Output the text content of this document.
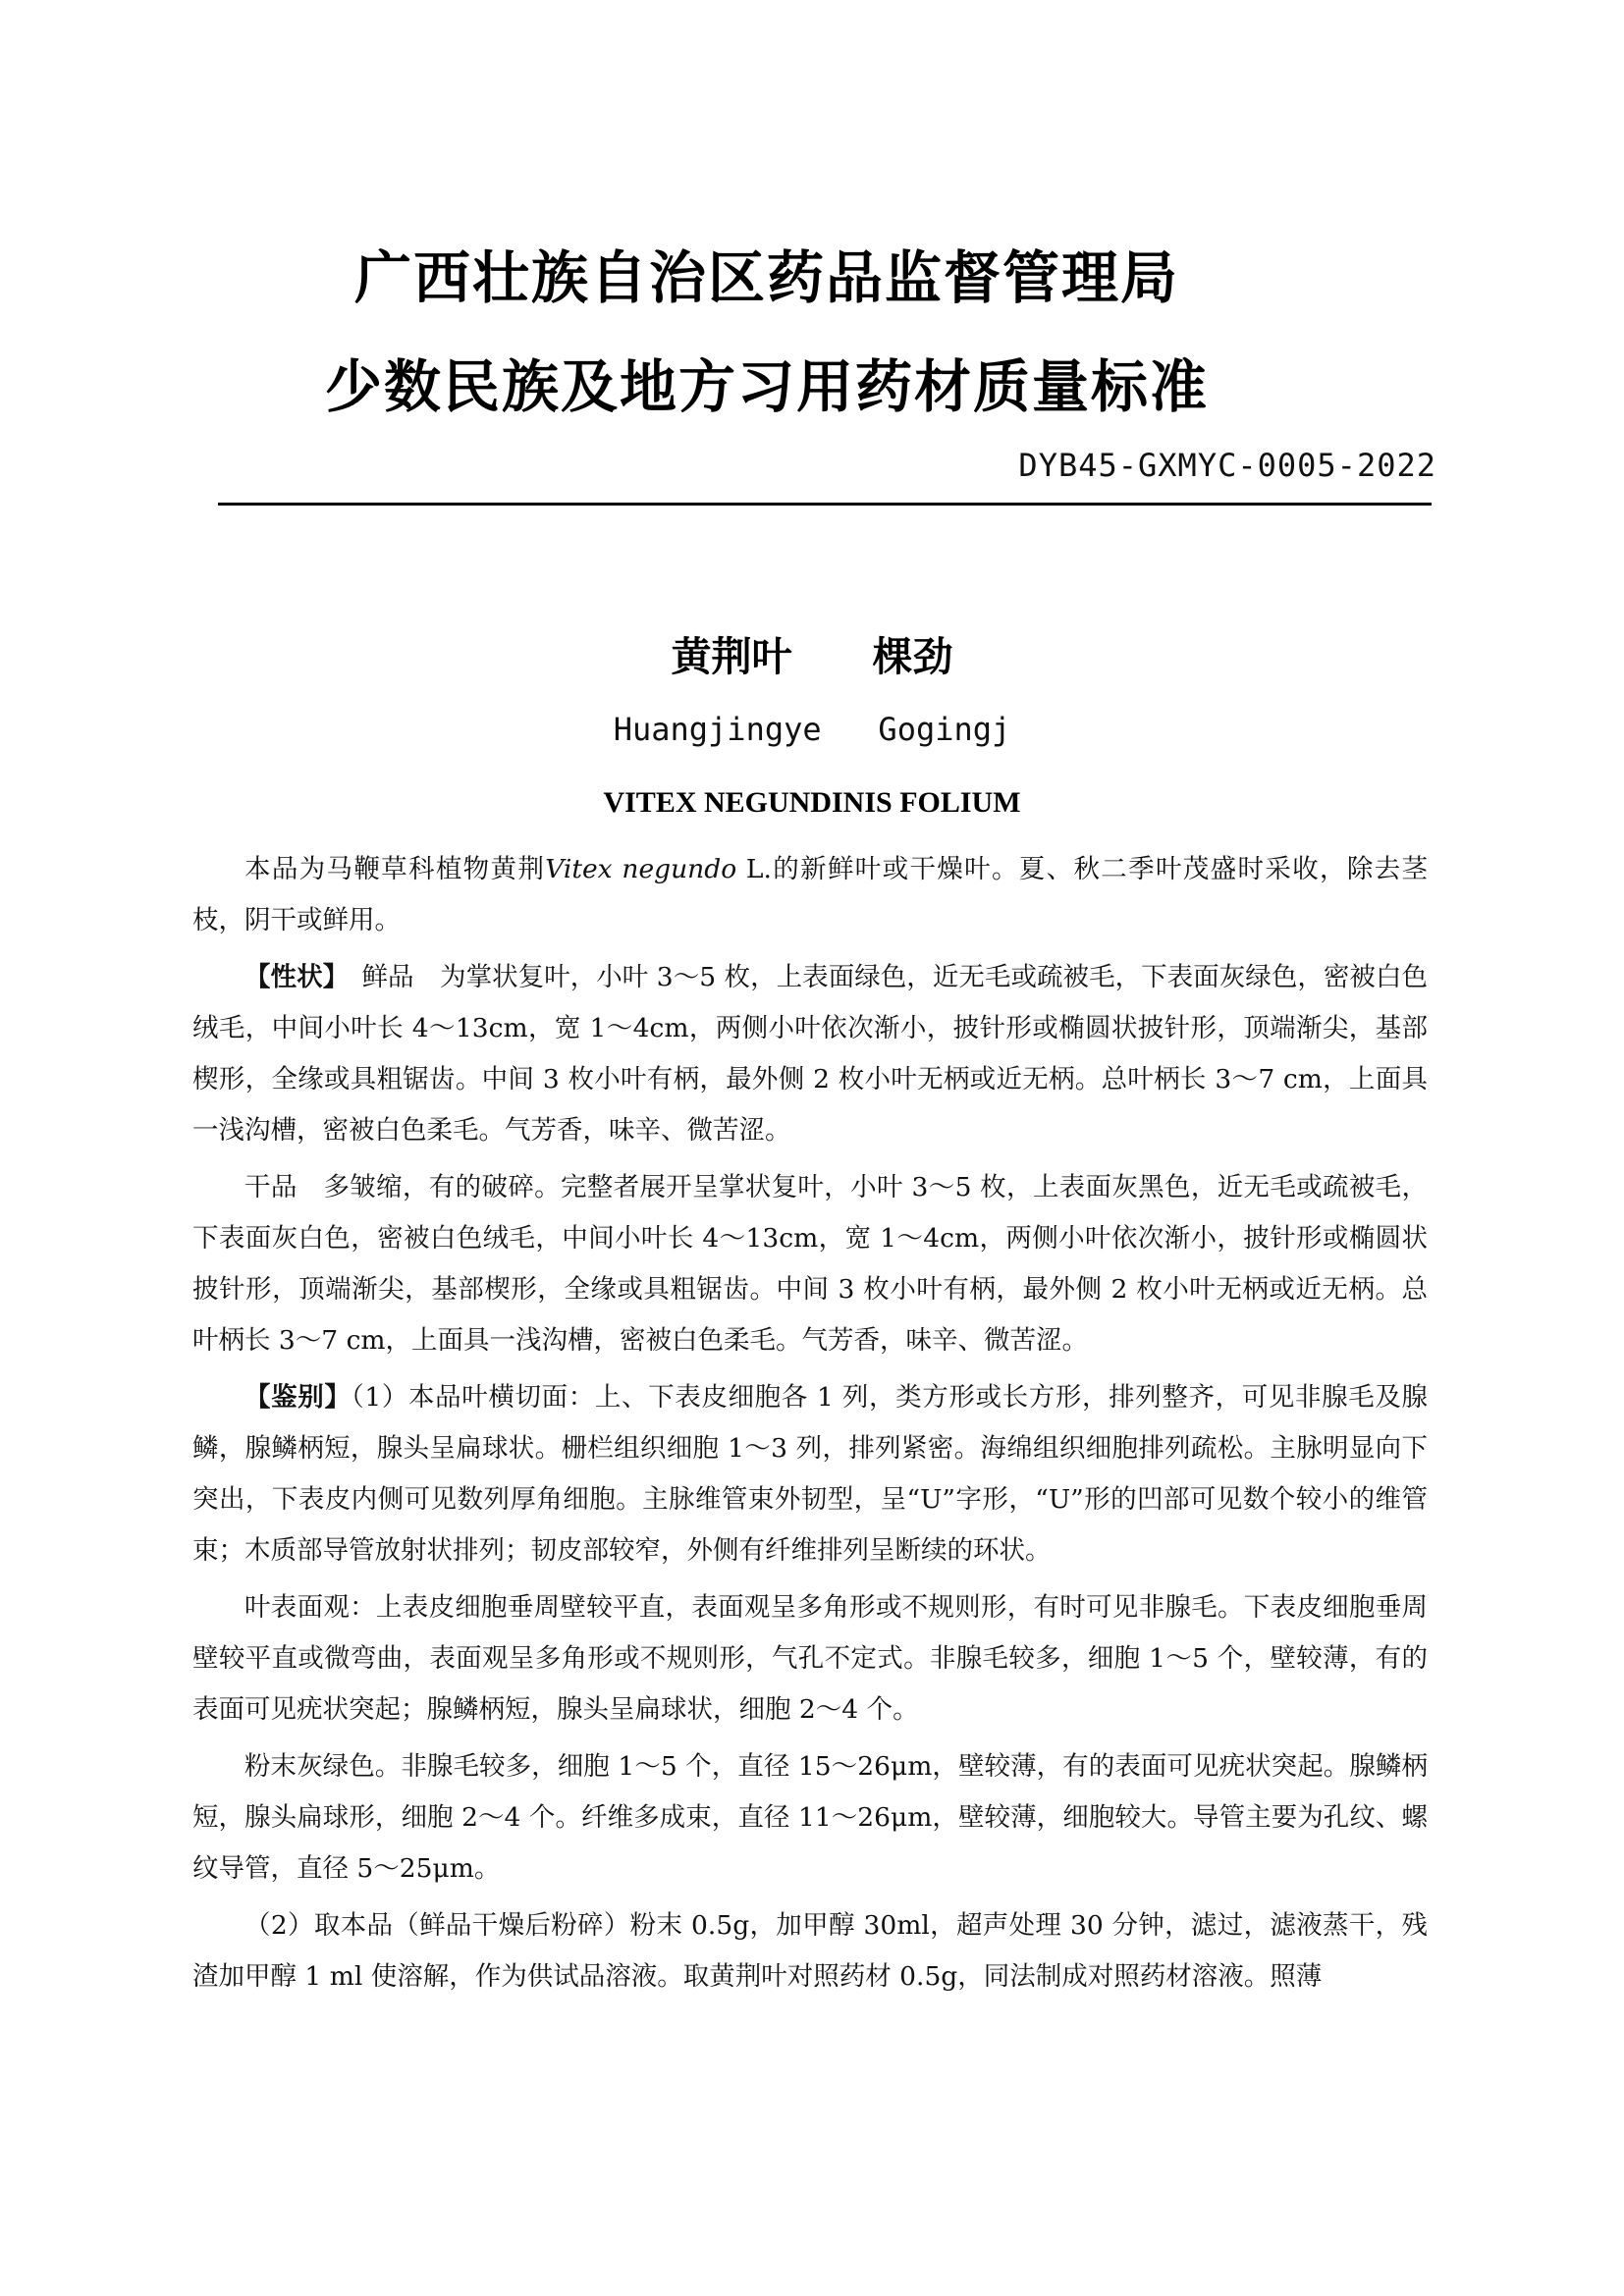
广西壮族自治区药品监督管理局
少数民族及地方习用药材质量标准
DYB45-GXMYC-0005-2022
黄荆叶　　棵劲
Huangjingye   Gogingj
VITEX NEGUNDINIS FOLIUM

本品为马鞭草科植物黄荆Vitex negundo L.的新鲜叶或干燥叶。夏、秋二季叶茂盛时采收，除去茎枝，阴干或鲜用。

【性状】　鲜品　为掌状复叶，小叶 3～5 枚，上表面绿色，近无毛或疏被毛，下表面灰绿色，密被白色绒毛，中间小叶长 4～13cm，宽 1～4cm，两侧小叶依次渐小，披针形或椭圆状披针形，顶端渐尖，基部楔形，全缘或具粗锯齿。中间 3 枚小叶有柄，最外侧 2 枚小叶无柄或近无柄。总叶柄长 3～7 cm，上面具一浅沟槽，密被白色柔毛。气芳香，味辛、微苦涩。

干品　多皱缩，有的破碎。完整者展开呈掌状复叶，小叶 3～5 枚，上表面灰黑色，近无毛或疏被毛，下表面灰白色，密被白色绒毛，中间小叶长 4～13cm，宽 1～4cm，两侧小叶依次渐小，披针形或椭圆状披针形，顶端渐尖，基部楔形，全缘或具粗锯齿。中间 3 枚小叶有柄，最外侧 2 枚小叶无柄或近无柄。总叶柄长 3～7 cm，上面具一浅沟槽，密被白色柔毛。气芳香，味辛、微苦涩。

【鉴别】（1）本品叶横切面：上、下表皮细胞各 1 列，类方形或长方形，排列整齐，可见非腺毛及腺鳞，腺鳞柄短，腺头呈扁球状。栅栏组织细胞 1～3 列，排列紧密。海绵组织细胞排列疏松。主脉明显向下突出，下表皮内侧可见数列厚角细胞。主脉维管束外韧型，呈“U”字形，“U”形的凹部可见数个较小的维管束；木质部导管放射状排列；韧皮部较窄，外侧有纤维排列呈断续的环状。

叶表面观：上表皮细胞垂周壁较平直，表面观呈多角形或不规则形，有时可见非腺毛。下表皮细胞垂周壁较平直或微弯曲，表面观呈多角形或不规则形，气孔不定式。非腺毛较多，细胞 1～5 个，壁较薄，有的表面可见疣状突起；腺鳞柄短，腺头呈扁球状，细胞 2～4 个。

粉末灰绿色。非腺毛较多，细胞 1～5 个，直径 15～26μm，壁较薄，有的表面可见疣状突起。腺鳞柄短，腺头扁球形，细胞 2～4 个。纤维多成束，直径 11～26μm，壁较薄，细胞较大。导管主要为孔纹、螺纹导管，直径 5～25μm。

（2）取本品（鲜品干燥后粉碎）粉末 0.5g，加甲醇 30ml，超声处理 30 分钟，滤过，滤液蒸干，残渣加甲醇 1 ml 使溶解，作为供试品溶液。取黄荆叶对照药材 0.5g，同法制成对照药材溶液。照薄
